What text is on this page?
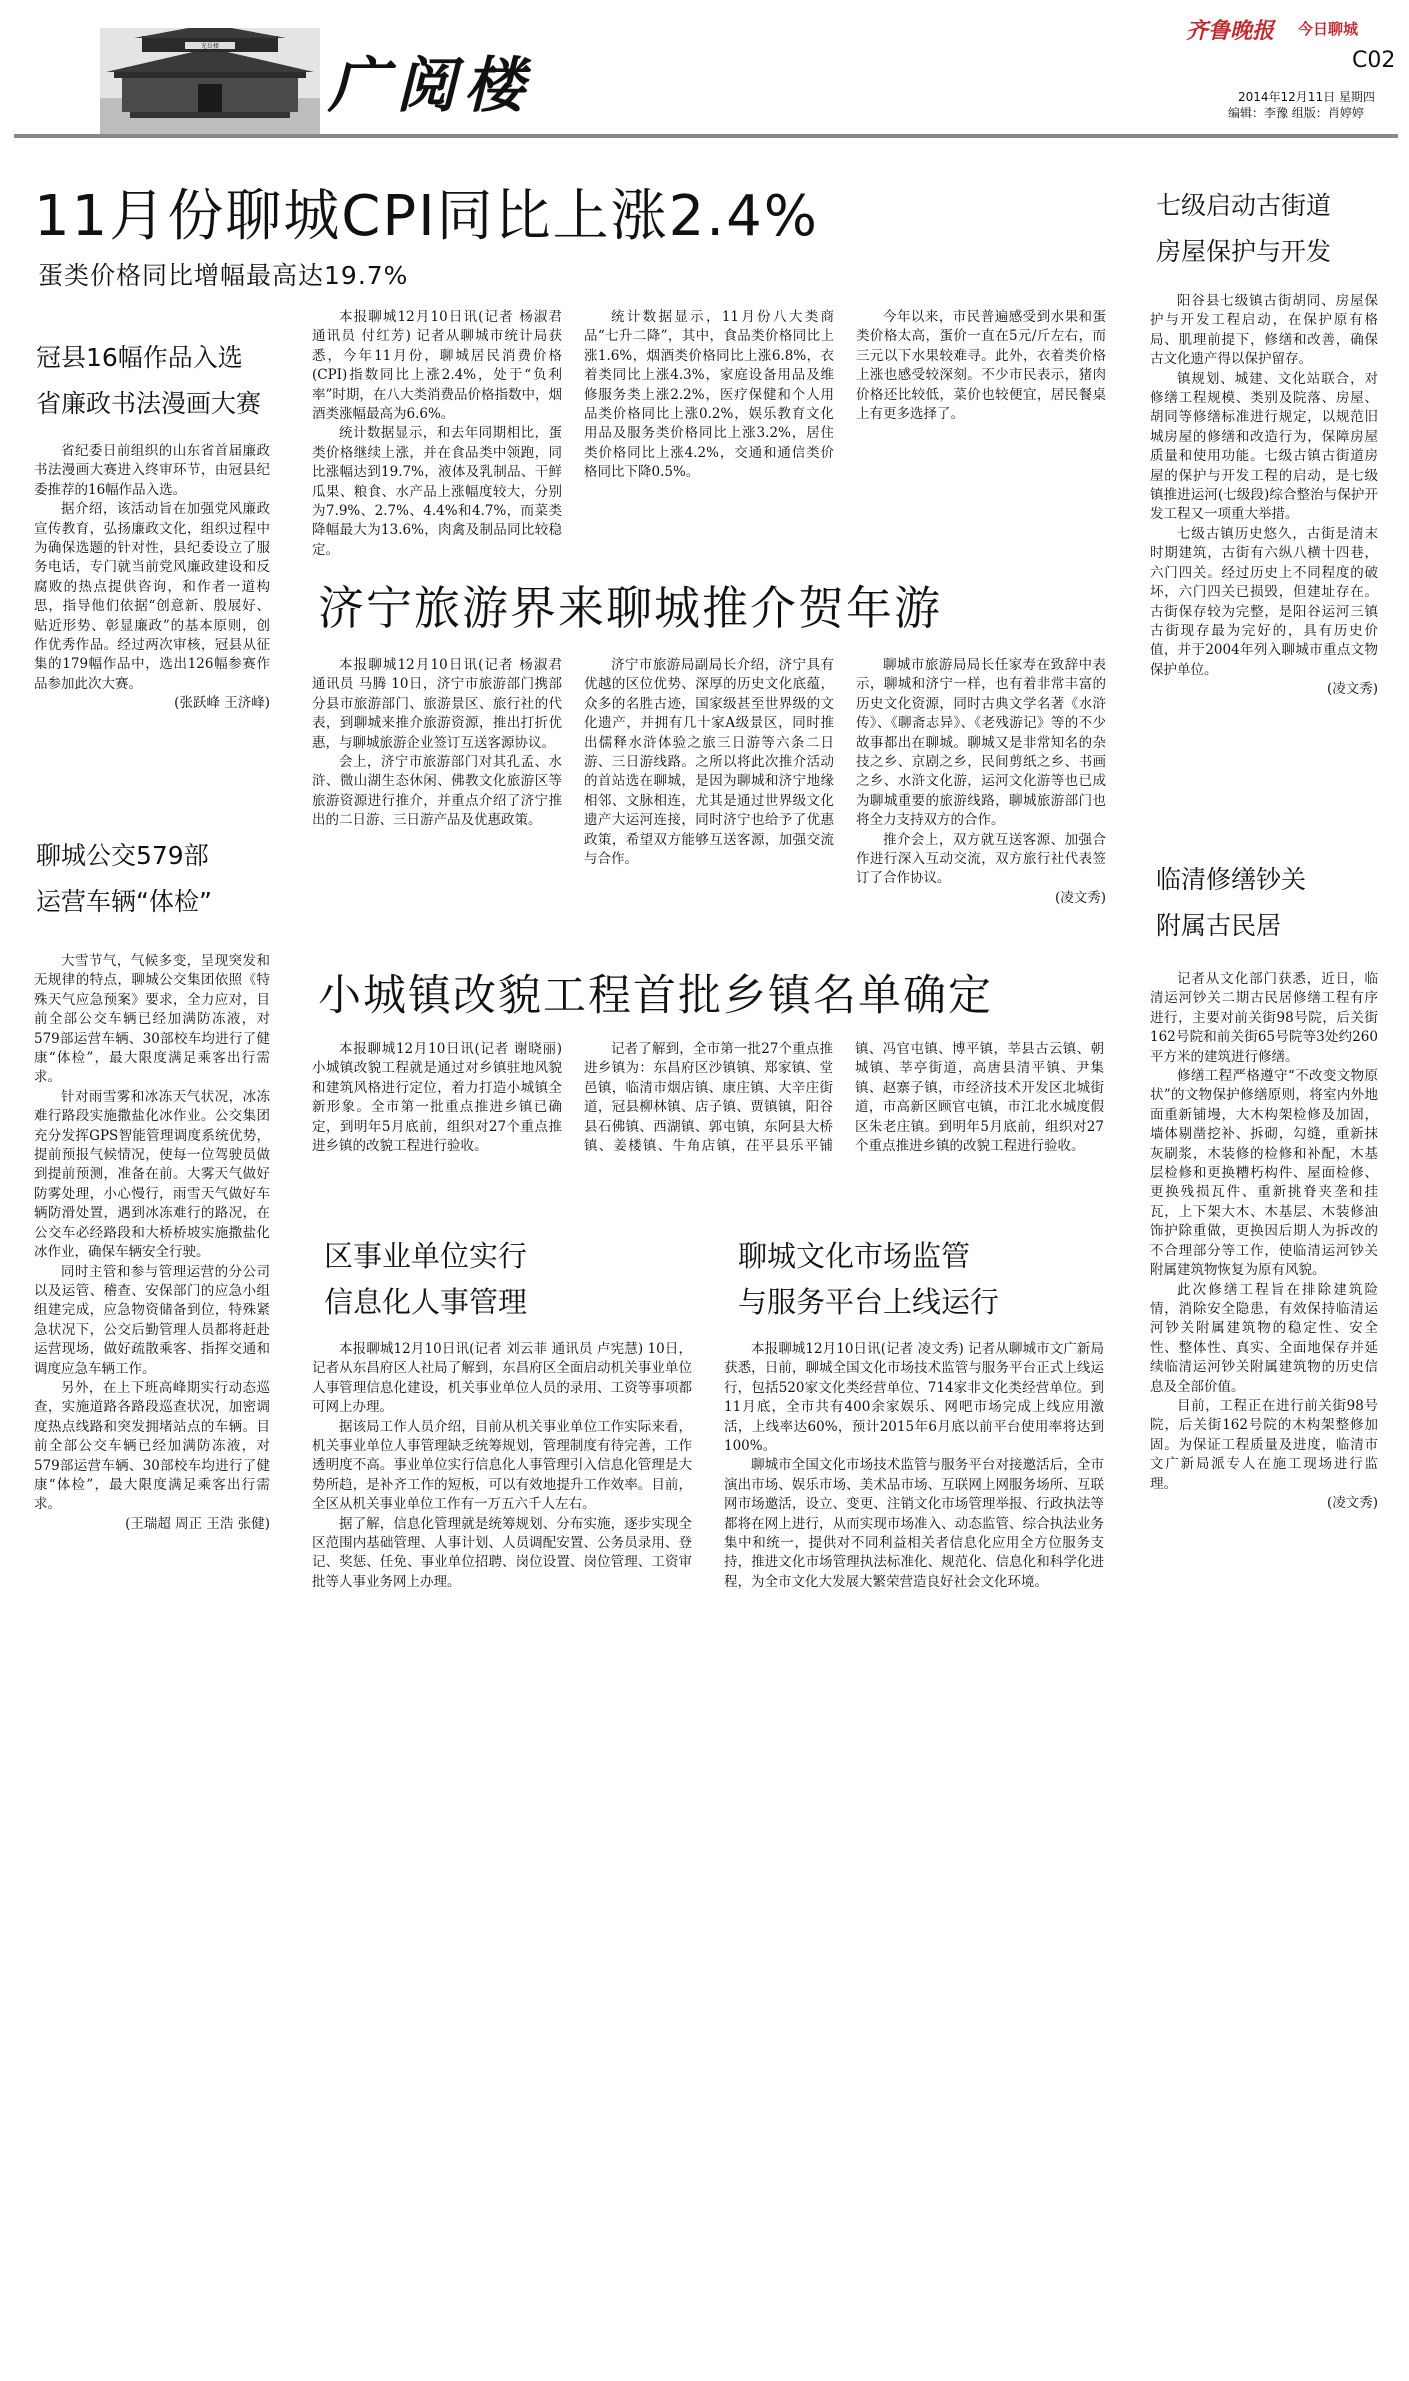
光岳楼
广阅楼
齐鲁晚报 今日聊城
C02
2014年12月11日 星期四
编辑：李豫 组版：肖婷婷
11月份聊城CPI同比上涨2.4%
蛋类价格同比增幅最高达19.7%

本报聊城12月10日讯(记者 杨淑君 通讯员 付红芳) 记者从聊城市统计局获悉，今年11月份，聊城居民消费价格(CPI)指数同比上涨2.4%，处于“负利率”时期，在八大类消费品价格指数中，烟酒类涨幅最高为6.6%。

统计数据显示，和去年同期相比，蛋类价格继续上涨，并在食品类中领跑，同比涨幅达到19.7%，液体及乳制品、干鲜瓜果、粮食、水产品上涨幅度较大，分别为7.9%、2.7%、4.4%和4.7%，而菜类降幅最大为13.6%，肉禽及制品同比较稳定。

统计数据显示，11月份八大类商品“七升二降”，其中，食品类价格同比上涨1.6%，烟酒类价格同比上涨6.8%，衣着类同比上涨4.3%，家庭设备用品及维修服务类上涨2.2%，医疗保健和个人用品类价格同比上涨0.2%，娱乐教育文化用品及服务类价格同比上涨3.2%，居住类价格同比上涨4.2%，交通和通信类价格同比下降0.5%。

今年以来，市民普遍感受到水果和蛋类价格太高，蛋价一直在5元/斤左右，而三元以下水果较难寻。此外，衣着类价格上涨也感受较深刻。不少市民表示，猪肉价格还比较低，菜价也较便宜，居民餐桌上有更多选择了。

冠县16幅作品入选
省廉政书法漫画大赛

省纪委日前组织的山东省首届廉政书法漫画大赛进入终审环节，由冠县纪委推荐的16幅作品入选。

据介绍，该活动旨在加强党风廉政宣传教育，弘扬廉政文化，组织过程中为确保选题的针对性，县纪委设立了服务电话，专门就当前党风廉政建设和反腐败的热点提供咨询，和作者一道构思，指导他们依据“创意新、殷展好、贴近形势、彰显廉政”的基本原则，创作优秀作品。经过两次审核，冠县从征集的179幅作品中，选出126幅参赛作品参加此次大赛。

(张跃峰 王济峰)
聊城公交579部
运营车辆“体检”

大雪节气，气候多变，呈现突发和无规律的特点，聊城公交集团依照《特殊天气应急预案》要求，全力应对，目前全部公交车辆已经加满防冻液，对579部运营车辆、30部校车均进行了健康“体检”，最大限度满足乘客出行需求。

针对雨雪雾和冰冻天气状况，冰冻难行路段实施撒盐化冰作业。公交集团充分发挥GPS智能管理调度系统优势，提前预报气候情况，使每一位驾驶员做到提前预测，准备在前。大雾天气做好防雾处理，小心慢行，雨雪天气做好车辆防滑处置，遇到冰冻难行的路况，在公交车必经路段和大桥桥坡实施撒盐化冰作业，确保车辆安全行驶。

同时主管和参与管理运营的分公司以及运管、稽查、安保部门的应急小组组建完成，应急物资储备到位，特殊紧急状况下，公交后勤管理人员都将赶赴运营现场，做好疏散乘客、指挥交通和调度应急车辆工作。

另外，在上下班高峰期实行动态巡查，实施道路各路段巡查状况，加密调度热点线路和突发拥堵站点的车辆。目前全部公交车辆已经加满防冻液，对579部运营车辆、30部校车均进行了健康“体检”，最大限度满足乘客出行需求。

(王瑞超 周正 王浩 张健)
济宁旅游界来聊城推介贺年游

本报聊城12月10日讯(记者 杨淑君 通讯员 马腾 10日，济宁市旅游部门携部分县市旅游部门、旅游景区、旅行社的代表，到聊城来推介旅游资源，推出打折优惠，与聊城旅游企业签订互送客源协议。

会上，济宁市旅游部门对其孔孟、水浒、微山湖生态休闲、佛教文化旅游区等旅游资源进行推介，并重点介绍了济宁推出的二日游、三日游产品及优惠政策。

济宁市旅游局副局长介绍，济宁具有优越的区位优势、深厚的历史文化底蕴，众多的名胜古迹，国家级甚至世界级的文化遗产，并拥有几十家A级景区，同时推出儒释水浒体验之旅三日游等六条二日游、三日游线路。之所以将此次推介活动的首站选在聊城，是因为聊城和济宁地缘相邻、文脉相连，尤其是通过世界级文化遗产大运河连接，同时济宁也给予了优惠政策，希望双方能够互送客源，加强交流与合作。

聊城市旅游局局长任家寿在致辞中表示，聊城和济宁一样，也有着非常丰富的历史文化资源，同时古典文学名著《水浒传》、《聊斋志异》、《老残游记》等的不少故事都出在聊城。聊城又是非常知名的杂技之乡、京剧之乡，民间剪纸之乡、书画之乡、水浒文化游，运河文化游等也已成为聊城重要的旅游线路，聊城旅游部门也将全力支持双方的合作。

推介会上，双方就互送客源、加强合作进行深入互动交流，双方旅行社代表签订了合作协议。

(凌文秀)
小城镇改貌工程首批乡镇名单确定

本报聊城12月10日讯(记者 谢晓丽) 小城镇改貌工程就是通过对乡镇驻地风貌和建筑风格进行定位，着力打造小城镇全新形象。全市第一批重点推进乡镇已确定，到明年5月底前，组织对27个重点推进乡镇的改貌工程进行验收。

记者了解到，全市第一批27个重点推进乡镇为：东昌府区沙镇镇、郑家镇、堂邑镇，临清市烟店镇、康庄镇、大辛庄街道，冠县柳林镇、店子镇、贾镇镇，阳谷县石佛镇、西湖镇、郭屯镇，东阿县大桥镇、姜楼镇、牛角店镇，茌平县乐平铺镇、冯官屯镇、博平镇，莘县古云镇、朝城镇、莘亭街道，高唐县清平镇、尹集镇、赵寨子镇，市经济技术开发区北城街道，市高新区顾官屯镇，市江北水城度假区朱老庄镇。到明年5月底前，组织对27个重点推进乡镇的改貌工程进行验收。

区事业单位实行
信息化人事管理

本报聊城12月10日讯(记者 刘云菲 通讯员 卢宪慧) 10日，记者从东昌府区人社局了解到，东昌府区全面启动机关事业单位人事管理信息化建设，机关事业单位人员的录用、工资等事项都可网上办理。

据该局工作人员介绍，目前从机关事业单位工作实际来看，机关事业单位人事管理缺乏统筹规划，管理制度有待完善，工作透明度不高。事业单位实行信息化人事管理引入信息化管理是大势所趋，是补齐工作的短板，可以有效地提升工作效率。目前，全区从机关事业单位工作有一万五六千人左右。

据了解，信息化管理就是统筹规划、分布实施，逐步实现全区范围内基础管理、人事计划、人员调配安置、公务员录用、登记、奖惩、任免、事业单位招聘、岗位设置、岗位管理、工资审批等人事业务网上办理。

聊城文化市场监管
与服务平台上线运行

本报聊城12月10日讯(记者 凌文秀) 记者从聊城市文广新局获悉，日前，聊城全国文化市场技术监管与服务平台正式上线运行，包括520家文化类经营单位、714家非文化类经营单位。到11月底，全市共有400余家娱乐、网吧市场完成上线应用激活，上线率达60%，预计2015年6月底以前平台使用率将达到100%。

聊城市全国文化市场技术监管与服务平台对接邀活后，全市演出市场、娱乐市场、美术品市场、互联网上网服务场所、互联网市场邀活，设立、变更、注销文化市场管理举报、行政执法等都将在网上进行，从而实现市场准入、动态监管、综合执法业务集中和统一，提供对不同利益相关者信息化应用全方位服务支持，推进文化市场管理执法标准化、规范化、信息化和科学化进程，为全市文化大发展大繁荣营造良好社会文化环境。

七级启动古街道
房屋保护与开发

阳谷县七级镇古街胡同、房屋保护与开发工程启动，在保护原有格局、肌理前提下，修缮和改善，确保古文化遗产得以保护留存。

镇规划、城建、文化站联合，对修缮工程规模、类别及院落、房屋、胡同等修缮标准进行规定，以规范旧城房屋的修缮和改造行为，保障房屋质量和使用功能。七级古镇古街道房屋的保护与开发工程的启动，是七级镇推进运河(七级段)综合整治与保护开发工程又一项重大举措。

七级古镇历史悠久，古街是清末时期建筑，古街有六纵八横十四巷，六门四关。经过历史上不同程度的破坏，六门四关已损毁，但建址存在。古街保存较为完整，是阳谷运河三镇古街现存最为完好的，具有历史价值，并于2004年列入聊城市重点文物保护单位。

(凌文秀)
临清修缮钞关
附属古民居

记者从文化部门获悉，近日，临清运河钞关二期古民居修缮工程有序进行，主要对前关街98号院，后关街162号院和前关街65号院等3处约260平方米的建筑进行修缮。

修缮工程严格遵守“不改变文物原状”的文物保护修缮原则，将室内外地面重新铺墁，大木构架检修及加固，墙体剔凿挖补、拆砌，勾缝，重新抹灰刷浆，木装修的检修和补配，木基层检修和更换糟朽构件、屋面检修、更换残损瓦件、重新挑脊夹垄和挂瓦，上下架大木、木基层、木装修油饰护除重做，更换因后期人为拆改的不合理部分等工作，使临清运河钞关附属建筑物恢复为原有风貌。

此次修缮工程旨在排除建筑险情，消除安全隐患，有效保持临清运河钞关附属建筑物的稳定性、安全性、整体性、真实、全面地保存并延续临清运河钞关附属建筑物的历史信息及全部价值。

目前，工程正在进行前关街98号院，后关街162号院的木构架整修加固。为保证工程质量及进度，临清市文广新局派专人在施工现场进行监理。

(凌文秀)
